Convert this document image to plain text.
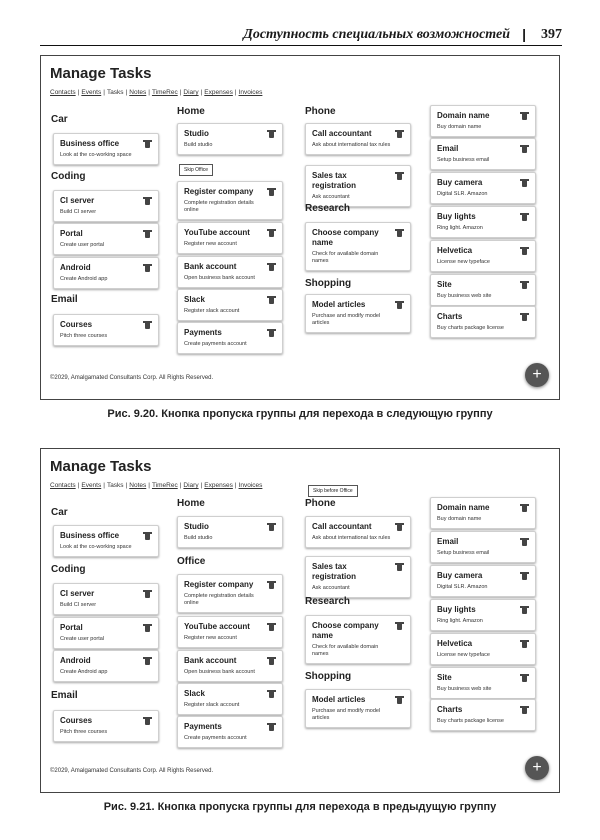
Доступность специальных возможностей | 397
Manage Tasks
Contacts | Events | Tasks | Notes | TimeRec | Diary | Expenses | Invoices
Car
Business office
Look at the co-working space
Coding
CI server
Build CI server
Portal
Create user portal
Android
Create Android app
Email
Courses
Pitch three courses
Home
Studio
Build studio
Register company
Complete registration details online
YouTube account
Register new account
Bank account
Open business bank account
Slack
Register slack account
Payments
Create payments account
Phone
Call accountant
Ask about international tax rules
Sales tax registration
Ask accountant
Research
Choose company name
Check for available domain names
Shopping
Model articles
Purchase and modify model articles
Domain name
Buy domain name
Email
Setup business email
Buy camera
Digital SLR. Amazon
Buy lights
Ring light. Amazon
Helvetica
License new typeface
Site
Buy business web site
Charts
Buy charts package license
Skip Office
©2029, Amalgamated Consultants Corp. All Rights Reserved.	+
Рис. 9.20. Кнопка пропуска группы для перехода в следующую группу
Manage Tasks
Contacts | Events | Tasks | Notes | TimeRec | Diary | Expenses | Invoices
Car
Business office
Look at the co-working space
Coding
CI server
Build CI server
Portal
Create user portal
Android
Create Android app
Email
Courses
Pitch three courses
Home
Studio
Build studio
Office
Register company
Complete registration details online
YouTube account
Register new account
Bank account
Open business bank account
Slack
Register slack account
Payments
Create payments account
Phone
Call accountant
Ask about international tax rules
Sales tax registration
Ask accountant
Research
Choose company name
Check for available domain names
Shopping
Model articles
Purchase and modify model articles
Domain name
Buy domain name
Email
Setup business email
Buy camera
Digital SLR. Amazon
Buy lights
Ring light. Amazon
Helvetica
License new typeface
Site
Buy business web site
Charts
Buy charts package license
Skip before Office
©2029, Amalgamated Consultants Corp. All Rights Reserved.	+
Рис. 9.21. Кнопка пропуска группы для перехода в предыдущую группу
